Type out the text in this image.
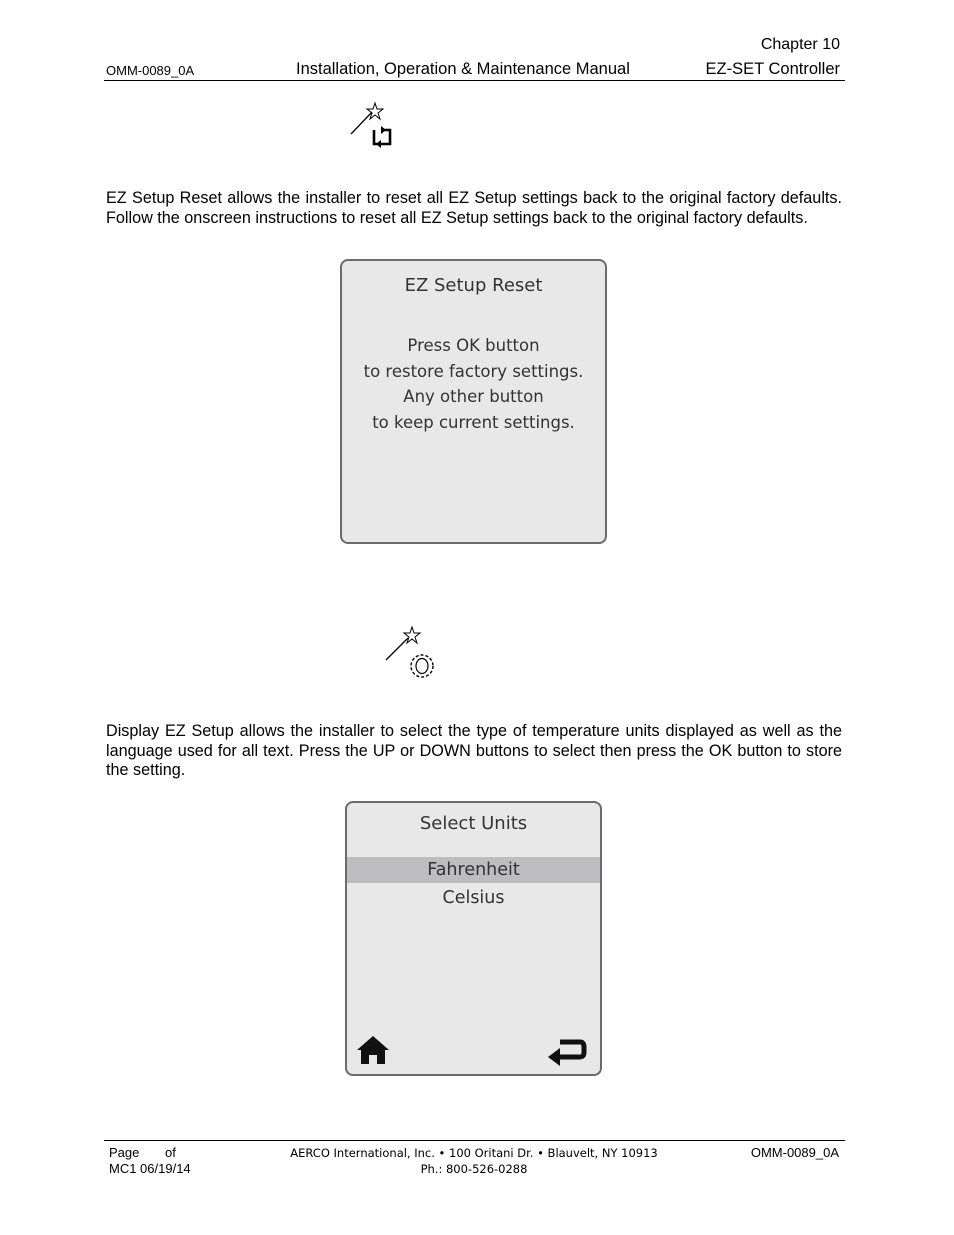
Chapter 10
OMM-0089_0A	Installation, Operation & Maintenance Manual	EZ-SET Controller
EZ Setup Reset allows the installer to reset all EZ Setup settings back to the original factory defaults. Follow the onscreen instructions to reset all EZ Setup settings back to the original factory defaults.
EZ Setup Reset
Press OK button
to restore factory settings.
Any other button
to keep current settings.
Display EZ Setup allows the installer to select the type of temperature units displayed as well as the language used for all text. Press the UP or DOWN buttons to select then press the OK button to store the setting.
Select Units
Fahrenheit
Celsius
Page of
MC1 06/19/14
AERCO International, Inc. • 100 Oritani Dr. • Blauvelt, NY 10913
Ph.: 800-526-0288
OMM-0089_0A
